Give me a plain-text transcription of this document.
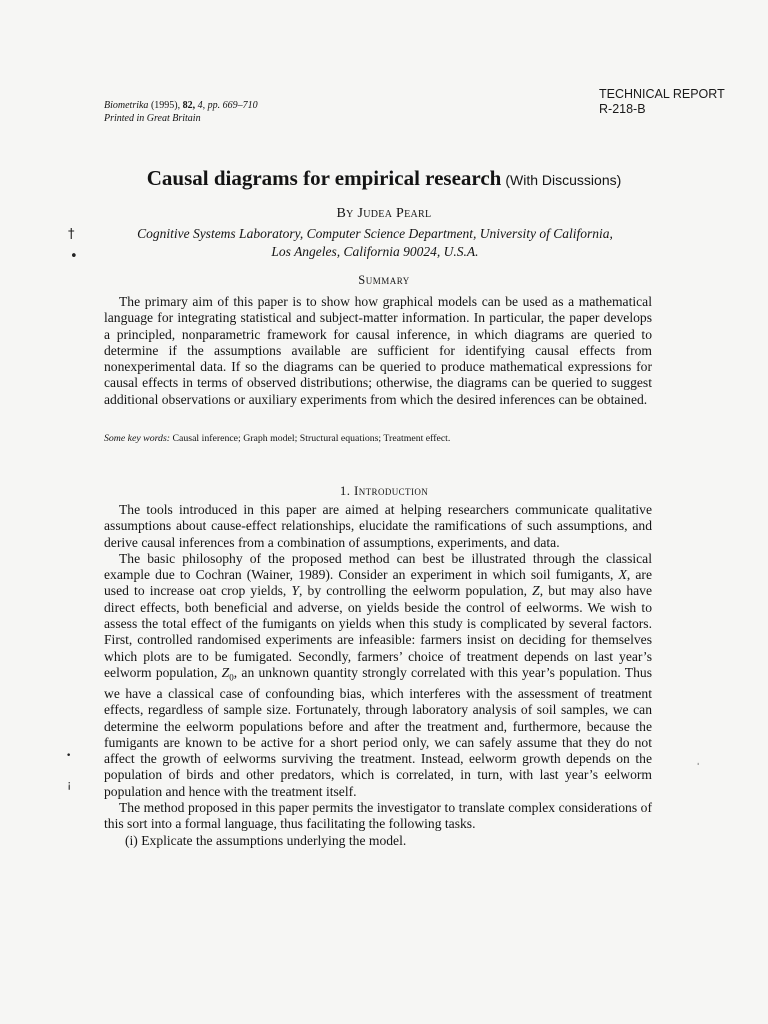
TECHNICAL REPORT
R-218-B
Biometrika (1995), 82, 4, pp. 669–710
Printed in Great Britain
Causal diagrams for empirical research (With Discussions)
By Judea Pearl
Cognitive Systems Laboratory, Computer Science Department, University of California,
Los Angeles, California 90024, U.S.A.
Summary

The primary aim of this paper is to show how graphical models can be used as a mathematical language for integrating statistical and subject-matter information. In particular, the paper develops a principled, nonparametric framework for causal inference, in which diagrams are queried to determine if the assumptions available are sufficient for identifying causal effects from nonexperimental data. If so the diagrams can be queried to produce mathematical expressions for causal effects in terms of observed distributions; otherwise, the diagrams can be queried to suggest additional observations or auxiliary experiments from which the desired inferences can be obtained.

Some key words: Causal inference; Graph model; Structural equations; Treatment effect.
1. Introduction

The tools introduced in this paper are aimed at helping researchers communicate qualitative assumptions about cause-effect relationships, elucidate the ramifications of such assumptions, and derive causal inferences from a combination of assumptions, experiments, and data.

The basic philosophy of the proposed method can best be illustrated through the classical example due to Cochran (Wainer, 1989). Consider an experiment in which soil fumigants, X, are used to increase oat crop yields, Y, by controlling the eelworm population, Z, but may also have direct effects, both beneficial and adverse, on yields beside the control of eelworms. We wish to assess the total effect of the fumigants on yields when this study is complicated by several factors. First, controlled randomised experiments are infeasible: farmers insist on deciding for themselves which plots are to be fumigated. Secondly, farmers’ choice of treatment depends on last year’s eelworm population, $Z_0$, an unknown quantity strongly correlated with this year’s population. Thus we have a classical case of confounding bias, which interferes with the assessment of treatment effects, regardless of sample size. Fortunately, through laboratory analysis of soil samples, we can determine the eelworm populations before and after the treatment and, furthermore, because the fumigants are known to be active for a short period only, we can safely assume that they do not affect the growth of eelworms surviving the treatment. Instead, eelworm growth depends on the population of birds and other predators, which is correlated, in turn, with last year’s eelworm population and hence with the treatment itself.

The method proposed in this paper permits the investigator to translate complex considerations of this sort into a formal language, thus facilitating the following tasks.

(i) Explicate the assumptions underlying the model.

†
•
•
¡
ˈ
